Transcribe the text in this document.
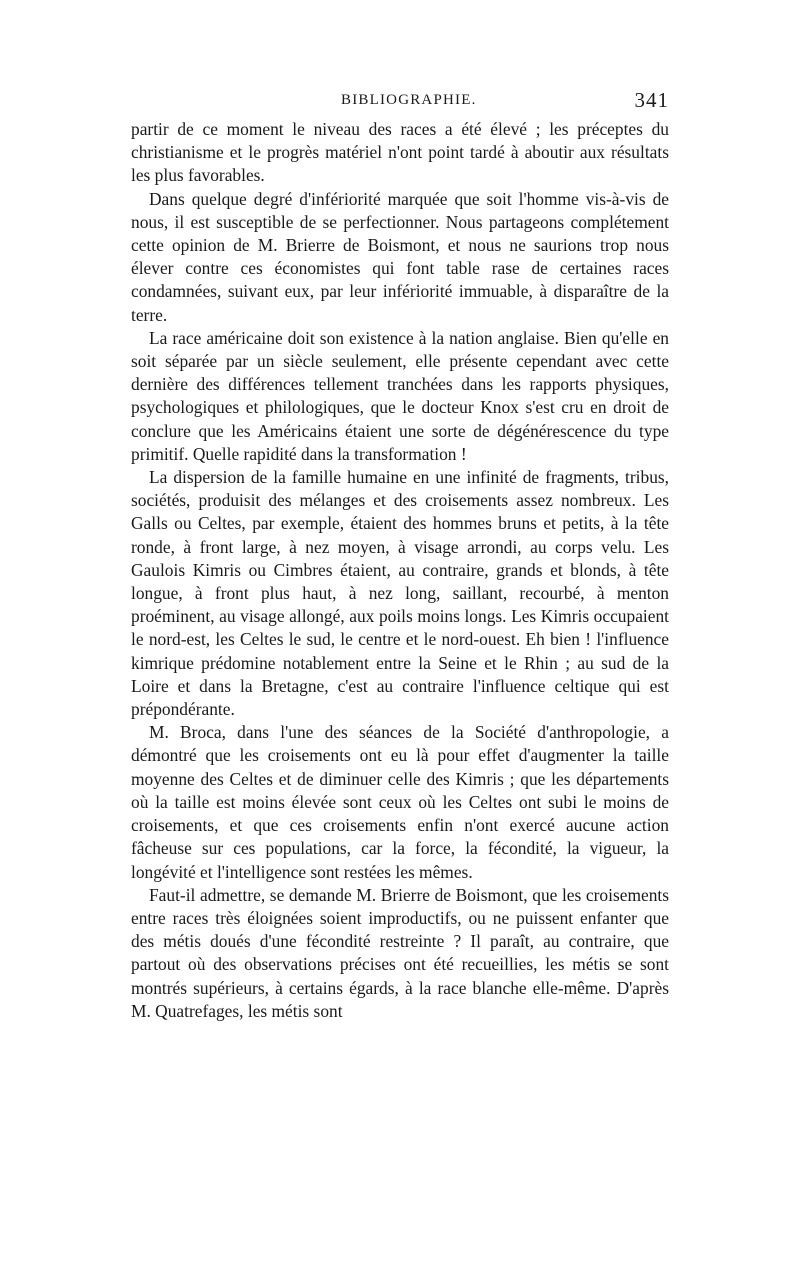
BIBLIOGRAPHIE.	341

partir de ce moment le niveau des races a été élevé ; les préceptes du christianisme et le progrès matériel n'ont point tardé à aboutir aux résultats les plus favorables.

Dans quelque degré d'infériorité marquée que soit l'homme vis-à-vis de nous, il est susceptible de se perfectionner. Nous partageons complétement cette opinion de M. Brierre de Boismont, et nous ne saurions trop nous élever contre ces économistes qui font table rase de certaines races condamnées, suivant eux, par leur infériorité immuable, à disparaître de la terre.

La race américaine doit son existence à la nation anglaise. Bien qu'elle en soit séparée par un siècle seulement, elle présente cependant avec cette dernière des différences tellement tranchées dans les rapports physiques, psychologiques et philologiques, que le docteur Knox s'est cru en droit de conclure que les Américains étaient une sorte de dégénérescence du type primitif. Quelle rapidité dans la transformation !

La dispersion de la famille humaine en une infinité de fragments, tribus, sociétés, produisit des mélanges et des croisements assez nombreux. Les Galls ou Celtes, par exemple, étaient des hommes bruns et petits, à la tête ronde, à front large, à nez moyen, à visage arrondi, au corps velu. Les Gaulois Kimris ou Cimbres étaient, au contraire, grands et blonds, à tête longue, à front plus haut, à nez long, saillant, recourbé, à menton proéminent, au visage allongé, aux poils moins longs. Les Kimris occupaient le nord-est, les Celtes le sud, le centre et le nord-ouest. Eh bien ! l'influence kimrique prédomine notablement entre la Seine et le Rhin ; au sud de la Loire et dans la Bretagne, c'est au contraire l'influence celtique qui est prépondérante.

M. Broca, dans l'une des séances de la Société d'anthropologie, a démontré que les croisements ont eu là pour effet d'augmenter la taille moyenne des Celtes et de diminuer celle des Kimris ; que les départements où la taille est moins élevée sont ceux où les Celtes ont subi le moins de croisements, et que ces croisements enfin n'ont exercé aucune action fâcheuse sur ces populations, car la force, la fécondité, la vigueur, la longévité et l'intelligence sont restées les mêmes.

Faut-il admettre, se demande M. Brierre de Boismont, que les croisements entre races très éloignées soient improductifs, ou ne puissent enfanter que des métis doués d'une fécondité restreinte ? Il paraît, au contraire, que partout où des observations précises ont été recueillies, les métis se sont montrés supérieurs, à certains égards, à la race blanche elle-même. D'après M. Quatrefages, les métis sont
